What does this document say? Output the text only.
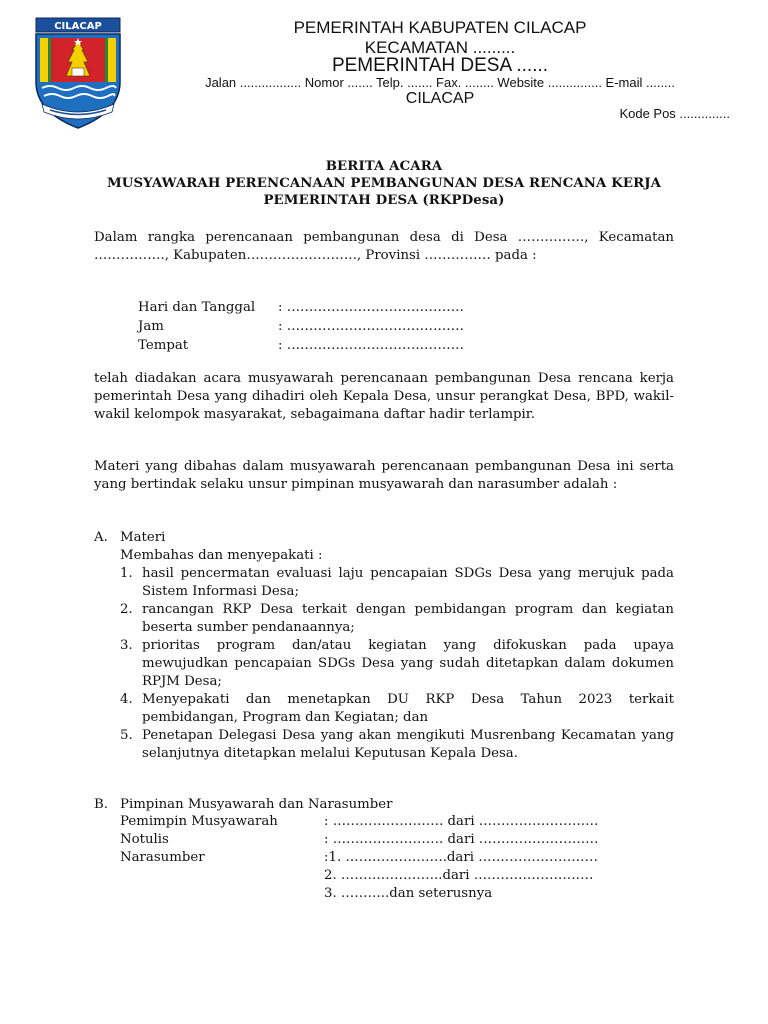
CILACAP	PEMERINTAH KABUPATEN CILACAP
KECAMATAN .........
PEMERINTAH DESA ......
Jalan ................. Nomor ....... Telp. ....... Fax. ........ Website ............... E-mail ........
CILACAP
Kode Pos ..............
BERITA ACARA
MUSYAWARAH PERENCANAAN PEMBANGUNAN DESA RENCANA KERJA
PEMERINTAH DESA (RKPDesa)
Dalam rangka perencanaan pembangunan desa di Desa ……………, Kecamatan ……………., Kabupaten……………………., Provinsi …………… pada :
Hari dan Tanggal : ………………………………….
Jam	: ………………………………….
Tempat	: ………………………………….
telah diadakan acara musyawarah perencanaan pembangunan Desa rencana kerja pemerintah Desa yang dihadiri oleh Kepala Desa, unsur perangkat Desa, BPD, wakil-wakil kelompok masyarakat, sebagaimana daftar hadir terlampir.
Materi yang dibahas dalam musyawarah perencanaan pembangunan Desa ini serta yang bertindak selaku unsur pimpinan musyawarah dan narasumber adalah :
A. Materi
Membahas dan menyepakati :
1. hasil pencermatan evaluasi laju pencapaian SDGs Desa yang merujuk pada Sistem Informasi Desa;
2. rancangan RKP Desa terkait dengan pembidangan program dan kegiatan beserta sumber pendanaannya;
3. prioritas program dan/atau kegiatan yang difokuskan pada upaya mewujudkan pencapaian SDGs Desa yang sudah ditetapkan dalam dokumen RPJM Desa;
4. Menyepakati dan menetapkan DU RKP Desa Tahun 2023 terkait pembidangan, Program dan Kegiatan; dan
5. Penetapan Delegasi Desa yang akan mengikuti Musrenbang Kecamatan yang selanjutnya ditetapkan melalui Keputusan Kepala Desa.
B. Pimpinan Musyawarah dan Narasumber
Pemimpin Musyawarah	: ……………………. dari ………………………
Notulis	: ……………………. dari ………………………
Narasumber	:1. …………………..dari ………………………
2. …………………..dari ………………………
3. ………..dan seterusnya
